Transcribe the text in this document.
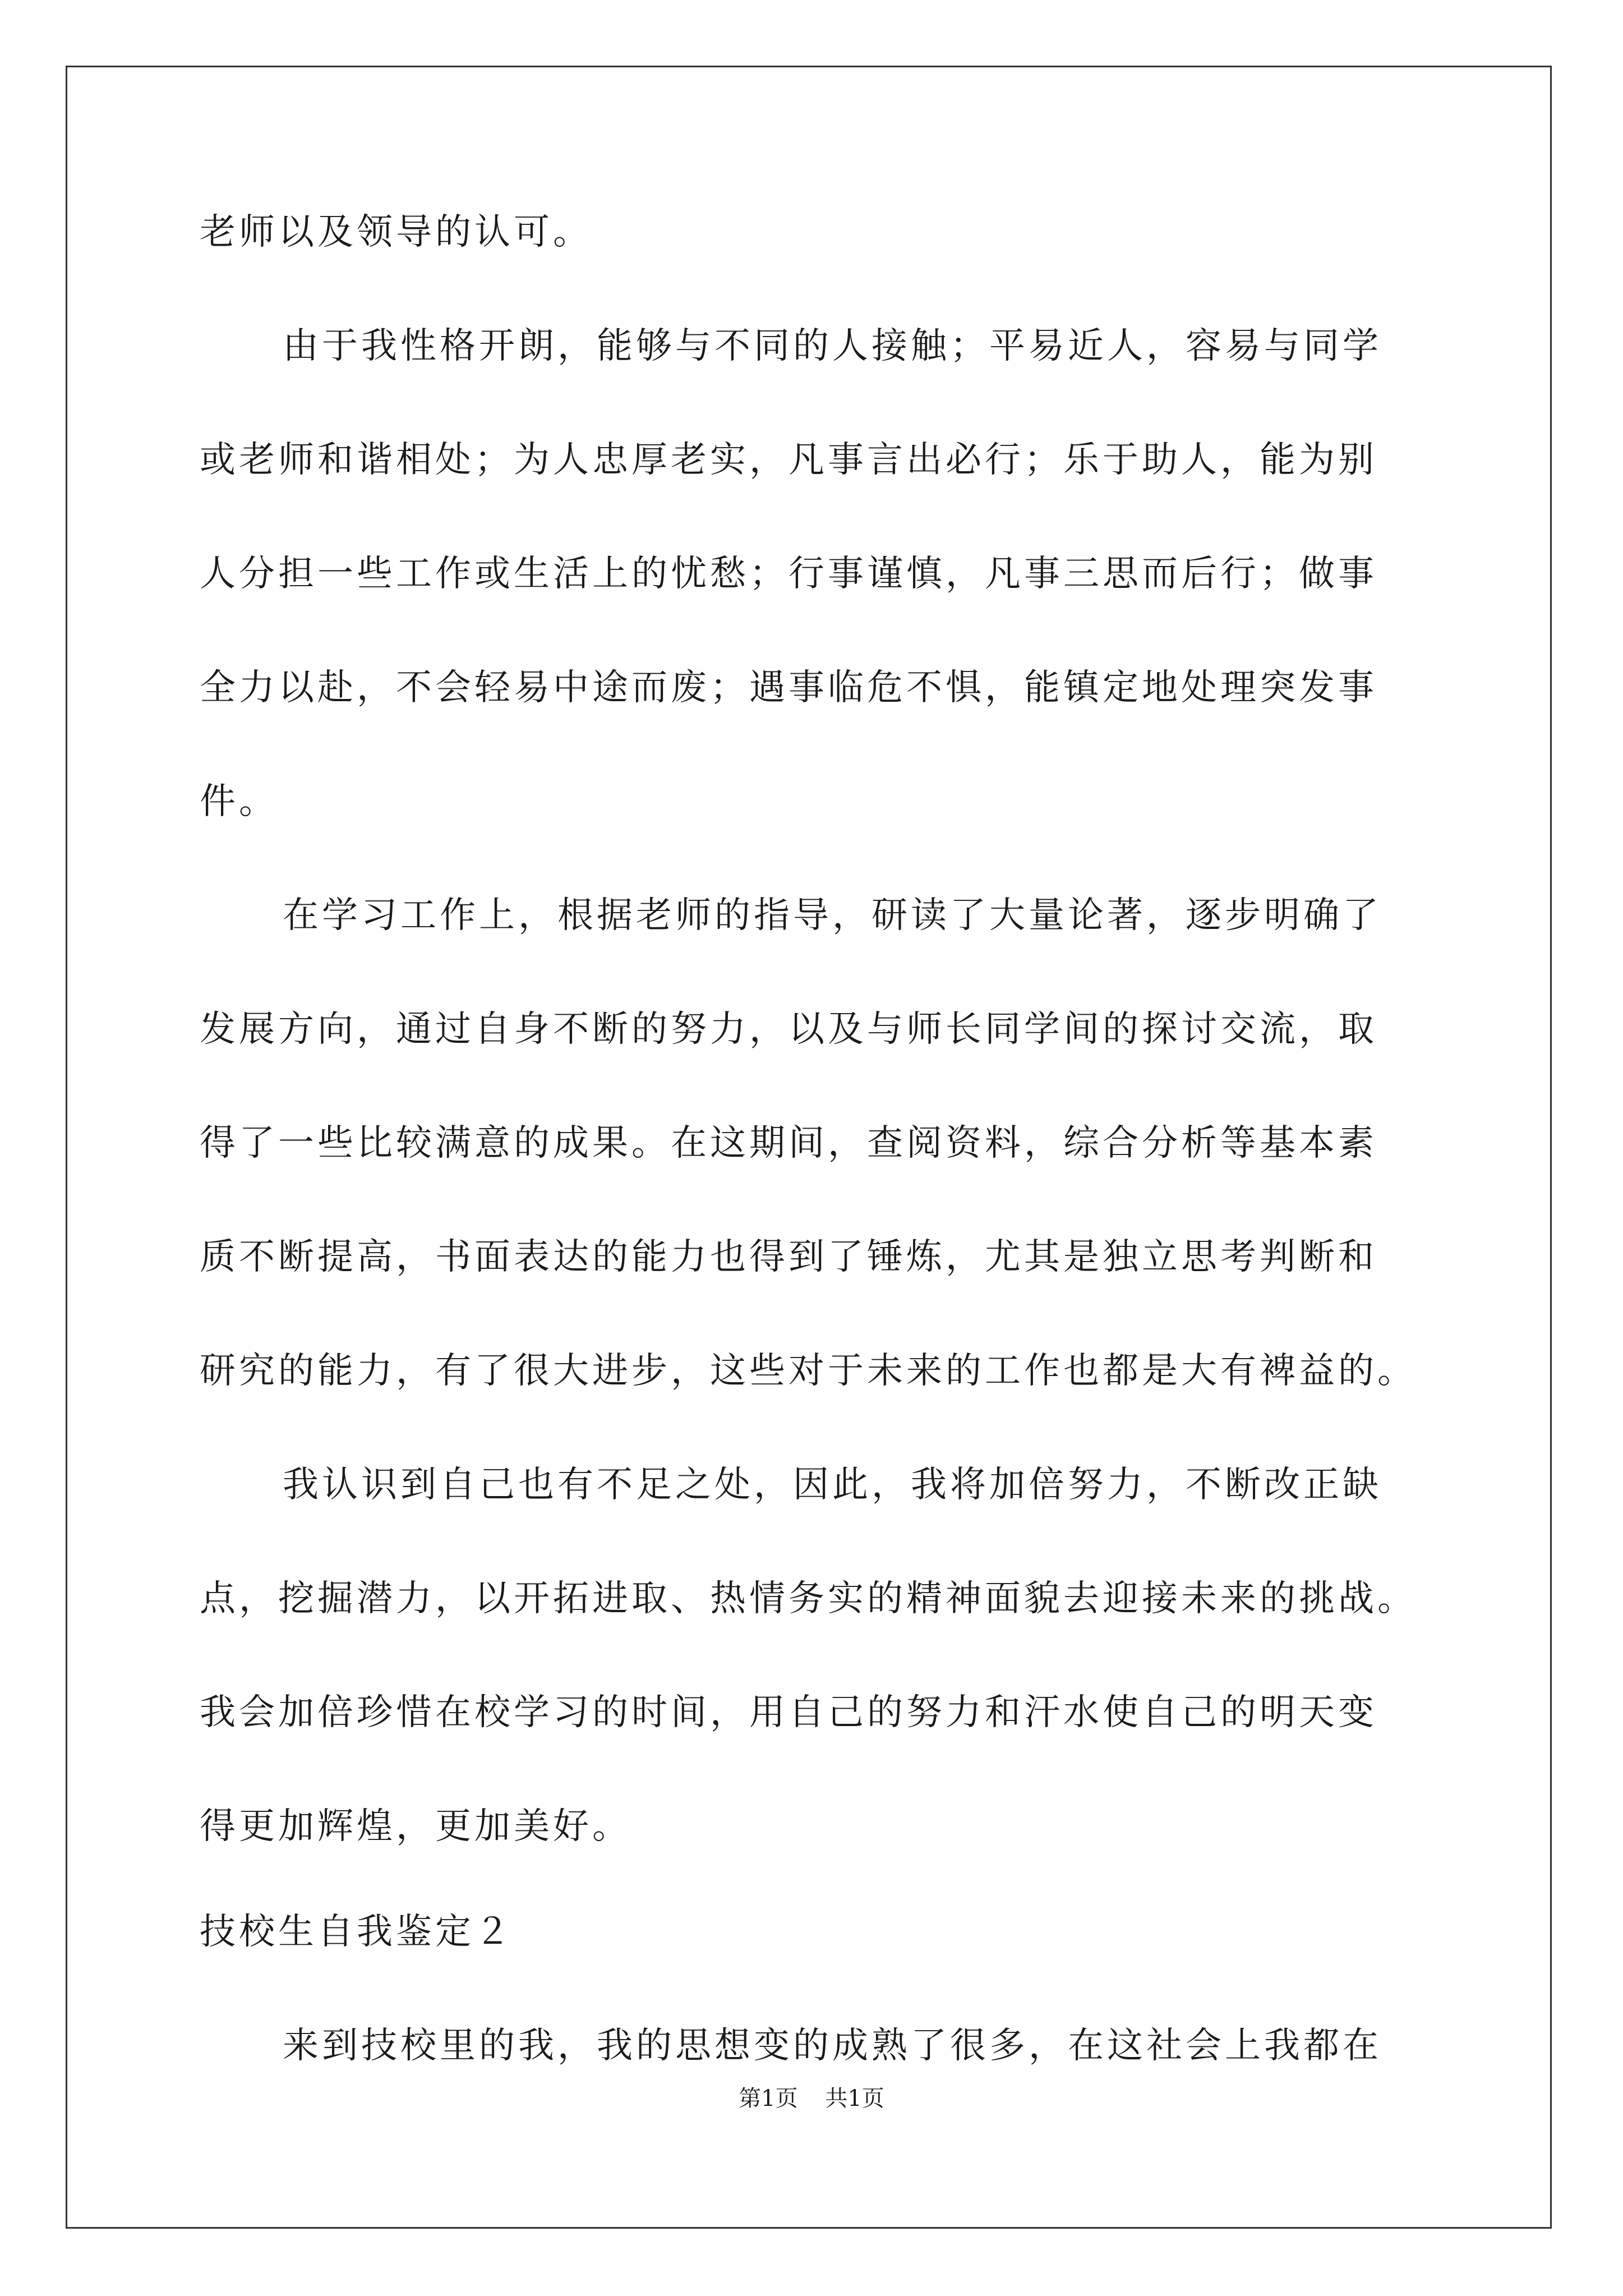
老师以及领导的认可。
由于我性格开朗，能够与不同的人接触；平易近人，容易与同学
或老师和谐相处；为人忠厚老实，凡事言出必行；乐于助人，能为别
人分担一些工作或生活上的忧愁；行事谨慎，凡事三思而后行；做事
全力以赴，不会轻易中途而废；遇事临危不惧，能镇定地处理突发事
件。
在学习工作上，根据老师的指导，研读了大量论著，逐步明确了
发展方向，通过自身不断的努力，以及与师长同学间的探讨交流，取
得了一些比较满意的成果。在这期间，查阅资料，综合分析等基本素
质不断提高，书面表达的能力也得到了锤炼，尤其是独立思考判断和
研究的能力，有了很大进步，这些对于未来的工作也都是大有裨益的。
我认识到自己也有不足之处，因此，我将加倍努力，不断改正缺
点，挖掘潜力，以开拓进取、热情务实的精神面貌去迎接未来的挑战。
我会加倍珍惜在校学习的时间，用自己的努力和汗水使自己的明天变
得更加辉煌，更加美好。
技校生自我鉴定２
来到技校里的我，我的思想变的成熟了很多，在这社会上我都在
第1页 共1页
